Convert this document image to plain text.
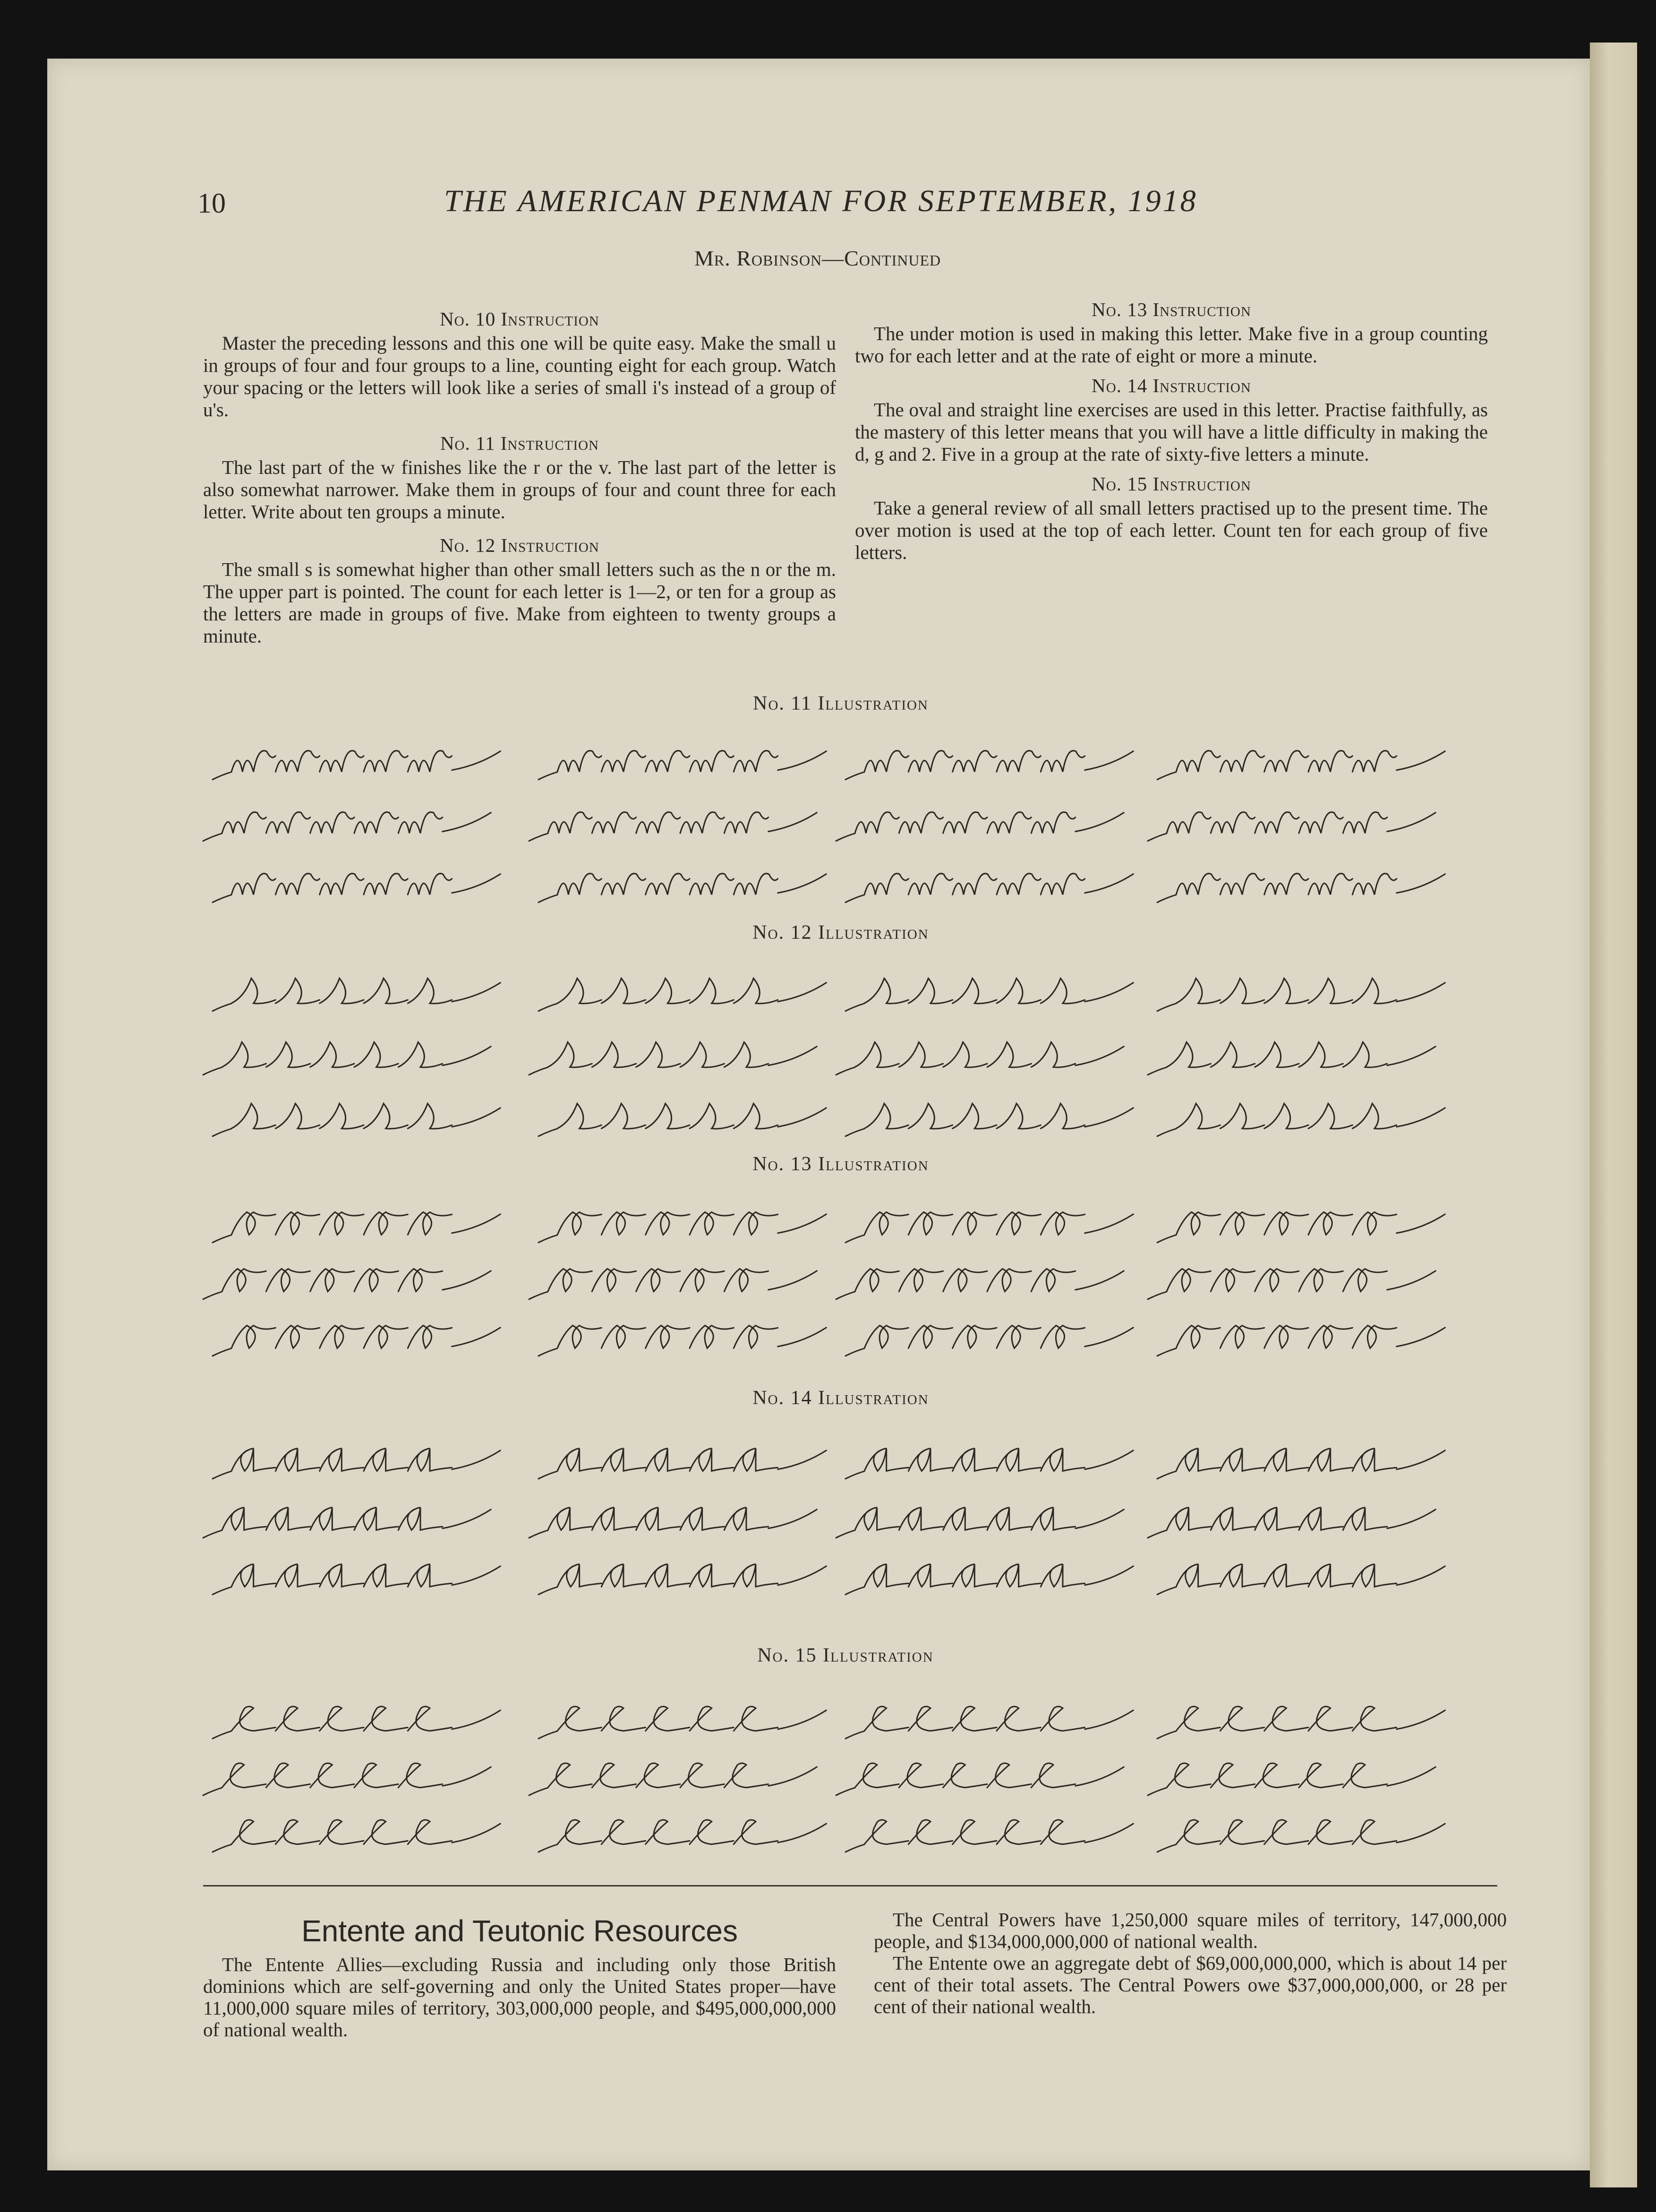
10	THE AMERICAN PENMAN FOR SEPTEMBER, 1918
Mr. Robinson—Continued
No. 10 Instruction

Master the preceding lessons and this one will be quite easy. Make the small u in groups of four and four groups to a line, counting eight for each group. Watch your spacing or the letters will look like a series of small i's instead of a group of u's.

No. 11 Instruction

The last part of the w finishes like the r or the v. The last part of the letter is also somewhat narrower. Make them in groups of four and count three for each letter. Write about ten groups a minute.

No. 12 Instruction

The small s is somewhat higher than other small letters such as the n or the m. The upper part is pointed. The count for each letter is 1—2, or ten for a group as the letters are made in groups of five. Make from eighteen to twenty groups a minute.

No. 13 Instruction

The under motion is used in making this letter. Make five in a group counting two for each letter and at the rate of eight or more a minute.

No. 14 Instruction

The oval and straight line exercises are used in this letter. Practise faithfully, as the mastery of this letter means that you will have a little difficulty in making the d, g and 2. Five in a group at the rate of sixty-five letters a minute.

No. 15 Instruction

Take a general review of all small letters practised up to the present time. The over motion is used at the top of each letter. Count ten for each group of five letters.

No. 11 Illustration
No. 12 Illustration
No. 13 Illustration
No. 14 Illustration
No. 15 Illustration
Entente and Teutonic Resources

The Entente Allies—excluding Russia and including only those British dominions which are self-governing and only the United States proper—have 11,000,000 square miles of territory, 303,000,000 people, and $495,000,000,000 of national wealth.

The Central Powers have 1,250,000 square miles of territory, 147,000,000 people, and $134,000,000,000 of national wealth.

The Entente owe an aggregate debt of $69,000,000,000, which is about 14 per cent of their total assets. The Central Powers owe $37,000,000,000, or 28 per cent of their national wealth.
